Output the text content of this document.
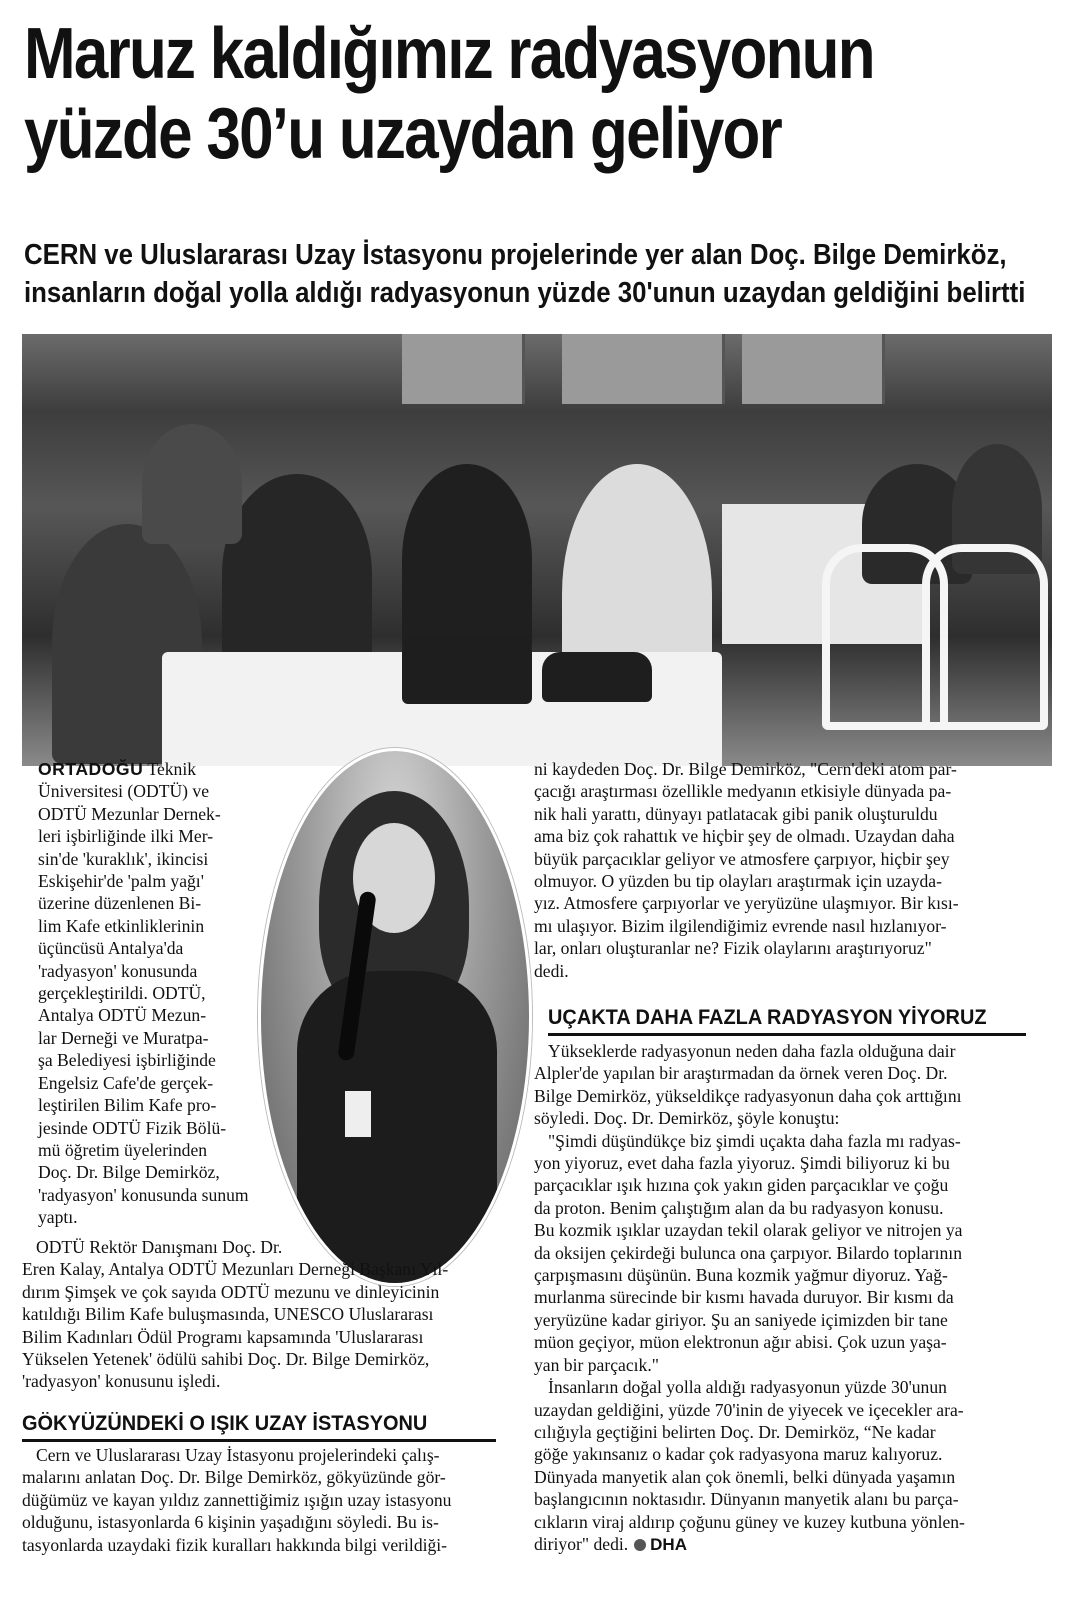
Maruz kaldığımız radyasyonun
yüzde 30’u uzaydan geliyor
CERN ve Uluslararası Uzay İstasyonu projelerinde yer alan Doç. Bilge Demirköz,
insanların doğal yolla aldığı radyasyonun yüzde 30'unun uzaydan geldiğini belirtti
ORTADOĞU Teknik
Üniversitesi (ODTÜ) ve
ODTÜ Mezunlar Dernek-
leri işbirliğinde ilki Mer-
sin'de 'kuraklık', ikincisi
Eskişehir'de 'palm yağı'
üzerine düzenlenen Bi-
lim Kafe etkinliklerinin
üçüncüsü Antalya'da
'radyasyon' konusunda
gerçekleştirildi. ODTÜ,
Antalya ODTÜ Mezun-
lar Derneği ve Muratpa-
şa Belediyesi işbirliğinde
Engelsiz Cafe'de gerçek-
leştirilen Bilim Kafe pro-
jesinde ODTÜ Fizik Bölü-
mü öğretim üyelerinden
Doç. Dr. Bilge Demirköz,
'radyasyon' konusunda sunum
yaptı.
ODTÜ Rektör Danışmanı Doç. Dr.
Eren Kalay, Antalya ODTÜ Mezunları Derneği Başkanı Yıl-
dırım Şimşek ve çok sayıda ODTÜ mezunu ve dinleyicinin
katıldığı Bilim Kafe buluşmasında, UNESCO Uluslararası
Bilim Kadınları Ödül Programı kapsamında 'Uluslararası
Yükselen Yetenek' ödülü sahibi Doç. Dr. Bilge Demirköz,
'radyasyon' konusunu işledi.
GÖKYÜZÜNDEKİ O IŞIK UZAY İSTASYONU
Cern ve Uluslararası Uzay İstasyonu projelerindeki çalış-
malarını anlatan Doç. Dr. Bilge Demirköz, gökyüzünde gör-
düğümüz ve kayan yıldız zannettiğimiz ışığın uzay istasyonu
olduğunu, istasyonlarda 6 kişinin yaşadığını söyledi. Bu is-
tasyonlarda uzaydaki fizik kuralları hakkında bilgi verildiği-
ni kaydeden Doç. Dr. Bilge Demirköz, "Cern'deki atom par-
çacığı araştırması özellikle medyanın etkisiyle dünyada pa-
nik hali yarattı, dünyayı patlatacak gibi panik oluşturuldu
ama biz çok rahattık ve hiçbir şey de olmadı. Uzaydan daha
büyük parçacıklar geliyor ve atmosfere çarpıyor, hiçbir şey
olmuyor. O yüzden bu tip olayları araştırmak için uzayda-
yız. Atmosfere çarpıyorlar ve yeryüzüne ulaşmıyor. Bir kısı-
mı ulaşıyor. Bizim ilgilendiğimiz evrende nasıl hızlanıyor-
lar, onları oluşturanlar ne? Fizik olaylarını araştırıyoruz"
dedi.
UÇAKTA DAHA FAZLA RADYASYON YİYORUZ
Yükseklerde radyasyonun neden daha fazla olduğuna dair
Alpler'de yapılan bir araştırmadan da örnek veren Doç. Dr.
Bilge Demirköz, yükseldikçe radyasyonun daha çok arttığını
söyledi. Doç. Dr. Demirköz, şöyle konuştu:
"Şimdi düşündükçe biz şimdi uçakta daha fazla mı radyas-
yon yiyoruz, evet daha fazla yiyoruz. Şimdi biliyoruz ki bu
parçacıklar ışık hızına çok yakın giden parçacıklar ve çoğu
da proton. Benim çalıştığım alan da bu radyasyon konusu.
Bu kozmik ışıklar uzaydan tekil olarak geliyor ve nitrojen ya
da oksijen çekirdeği bulunca ona çarpıyor. Bilardo toplarının
çarpışmasını düşünün. Buna kozmik yağmur diyoruz. Yağ-
murlanma sürecinde bir kısmı havada duruyor. Bir kısmı da
yeryüzüne kadar giriyor. Şu an saniyede içimizden bir tane
müon geçiyor, müon elektronun ağır abisi. Çok uzun yaşa-
yan bir parçacık."
İnsanların doğal yolla aldığı radyasyonun yüzde 30'unun
uzaydan geldiğini, yüzde 70'inin de yiyecek ve içecekler ara-
cılığıyla geçtiğini belirten Doç. Dr. Demirköz, “Ne kadar
göğe yakınsanız o kadar çok radyasyona maruz kalıyoruz.
Dünyada manyetik alan çok önemli, belki dünyada yaşamın
başlangıcının noktasıdır. Dünyanın manyetik alanı bu parça-
cıkların viraj aldırıp çoğunu güney ve kuzey kutbuna yönlen-
diriyor" dedi. DHA
